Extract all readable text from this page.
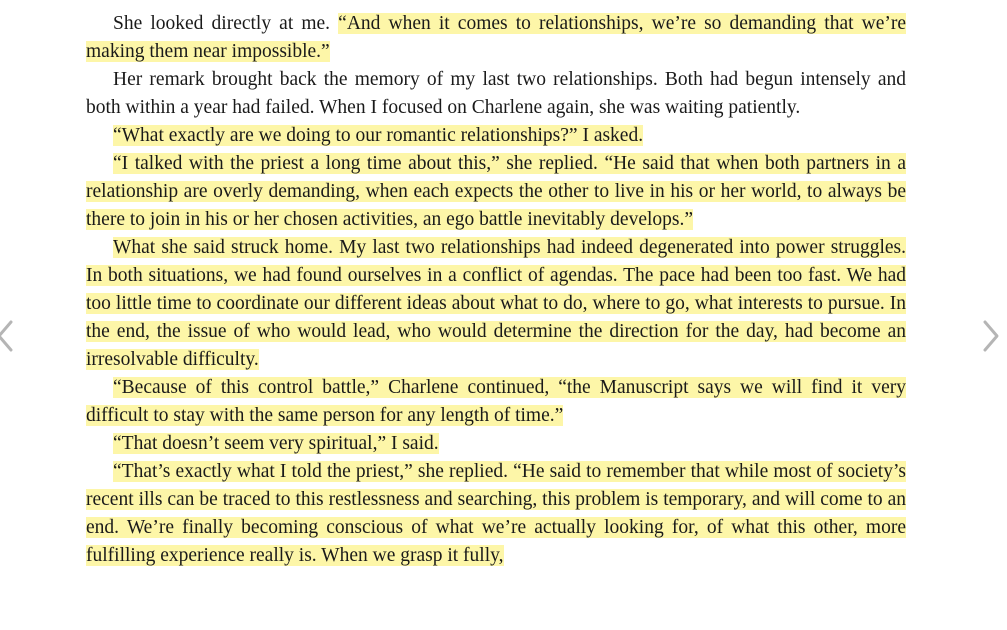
She looked directly at me. “And when it comes to relationships, we’re so demanding that we’re making them near impossible.”

Her remark brought back the memory of my last two relationships. Both had begun intensely and both within a year had failed. When I focused on Charlene again, she was waiting patiently.

“What exactly are we doing to our romantic relationships?” I asked.

“I talked with the priest a long time about this,” she replied. “He said that when both partners in a relationship are overly demanding, when each expects the other to live in his or her world, to always be there to join in his or her chosen activities, an ego battle inevitably develops.”

What she said struck home. My last two relationships had indeed degenerated into power struggles. In both situations, we had found ourselves in a conflict of agendas. The pace had been too fast. We had too little time to coordinate our different ideas about what to do, where to go, what interests to pursue. In the end, the issue of who would lead, who would determine the direction for the day, had become an irresolvable difficulty.

“Because of this control battle,” Charlene continued, “the Manuscript says we will find it very difficult to stay with the same person for any length of time.”

“That doesn’t seem very spiritual,” I said.

“That’s exactly what I told the priest,” she replied. “He said to remember that while most of society’s recent ills can be traced to this restlessness and searching, this problem is temporary, and will come to an end. We’re finally becoming conscious of what we’re actually looking for, of what this other, more fulfilling experience really is. When we grasp it fully,
